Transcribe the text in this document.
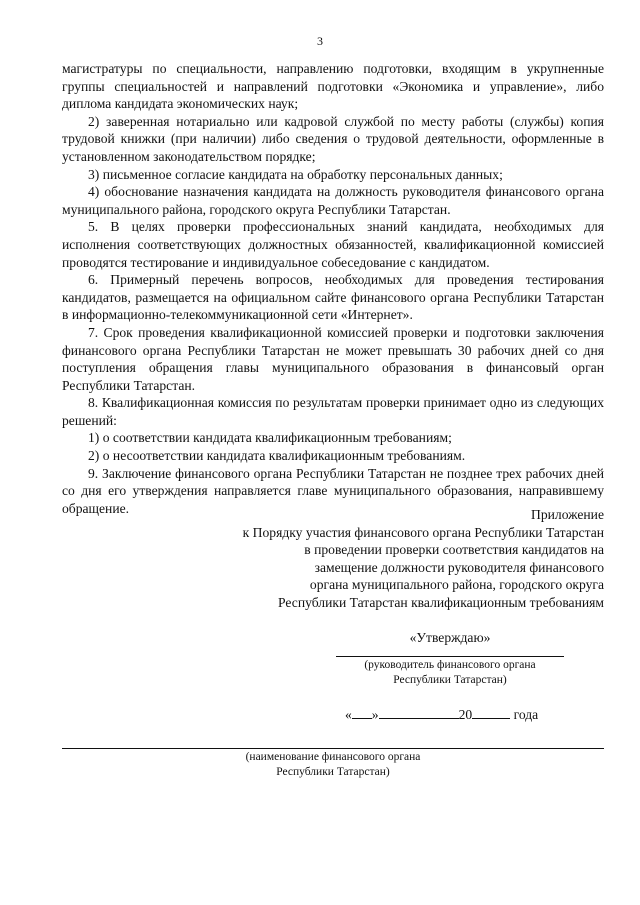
3

магистратуры по специальности, направлению подготовки, входящим в укрупненные группы специальностей и направлений подготовки «Экономика и управление», либо диплома кандидата экономических наук;

2) заверенная нотариально или кадровой службой по месту работы (службы) копия трудовой книжки (при наличии) либо сведения о трудовой деятельности, оформленные в установленном законодательством порядке;

3) письменное согласие кандидата на обработку персональных данных;

4) обоснование назначения кандидата на должность руководителя финансового органа муниципального района, городского округа Республики Татарстан.

5. В целях проверки профессиональных знаний кандидата, необходимых для исполнения соответствующих должностных обязанностей, квалификационной комиссией проводятся тестирование и индивидуальное собеседование с кандидатом.

6. Примерный перечень вопросов, необходимых для проведения тестирования кандидатов, размещается на официальном сайте финансового органа Республики Татарстан в информационно-телекоммуникационной сети «Интернет».

7. Срок проведения квалификационной комиссией проверки и подготовки заключения финансового органа Республики Татарстан не может превышать 30 рабочих дней со дня поступления обращения главы муниципального образования в финансовый орган Республики Татарстан.

8. Квалификационная комиссия по результатам проверки принимает одно из следующих решений:

1) о соответствии кандидата квалификационным требованиям;

2) о несоответствии кандидата квалификационным требованиям.

9. Заключение финансового органа Республики Татарстан не позднее трех рабочих дней со дня его утверждения направляется главе муниципального образования, направившему обращение.	Приложение
к Порядку участия финансового органа Республики Татарстан
в проведении проверки соответствия кандидатов на
замещение должности руководителя финансового
органа муниципального района, городского округа
Республики Татарстан квалификационным требованиям
«Утверждаю»
(руководитель финансового органа
Республики Татарстан)
« »	20	года
(наименование финансового органа
Республики Татарстан)
